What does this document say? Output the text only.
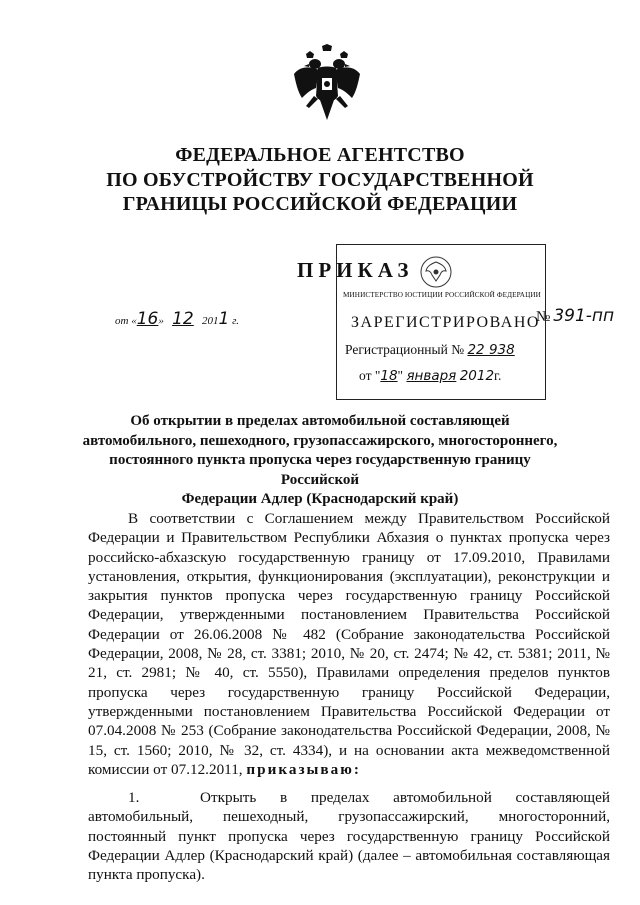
ФЕДЕРАЛЬНОЕ АГЕНТСТВО
ПО ОБУСТРОЙСТВУ ГОСУДАРСТВЕННОЙ
ГРАНИЦЫ РОССИЙСКОЙ ФЕДЕРАЦИИ
ПРИКАЗ
МИНИСТЕРСТВО ЮСТИЦИИ РОССИЙСКОЙ ФЕДЕРАЦИИ
ЗАРЕГИСТРИРОВАНО
Регистрационный № 22 938
от "18" января 2012г.
№ 391-пп
от «16» 12 2011 г.
Об открытии в пределах автомобильной составляющей
автомобильного, пешеходного, грузопассажирского, многостороннего,
постоянного пункта пропуска через государственную границу Российской
Федерации Адлер (Краснодарский край)

В соответствии с Соглашением между Правительством Российской Федерации и Правительством Республики Абхазия о пунктах пропуска через российско-абхазскую государственную границу от 17.09.2010, Правилами установления, открытия, функционирования (эксплуатации), реконструкции и закрытия пунктов пропуска через государственную границу Российской Федерации, утвержденными постановлением Правительства Российской Федерации от 26.06.2008 № 482 (Собрание законодательства Российской Федерации, 2008, № 28, ст. 3381; 2010, № 20, ст. 2474; № 42, ст. 5381; 2011, № 21, ст. 2981; № 40, ст. 5550), Правилами определения пределов пунктов пропуска через государственную границу Российской Федерации, утвержденными постановлением Правительства Российской Федерации от 07.04.2008 № 253 (Собрание законодательства Российской Федерации, 2008, № 15, ст. 1560; 2010, № 32, ст. 4334), и на основании акта межведомственной комиссии от 07.12.2011, приказываю:

1.	Открыть в пределах автомобильной составляющей автомобильный, пешеходный, грузопассажирский, многосторонний, постоянный пункт пропуска через государственную границу Российской Федерации Адлер (Краснодарский край) (далее – автомобильная составляющая пункта пропуска).
